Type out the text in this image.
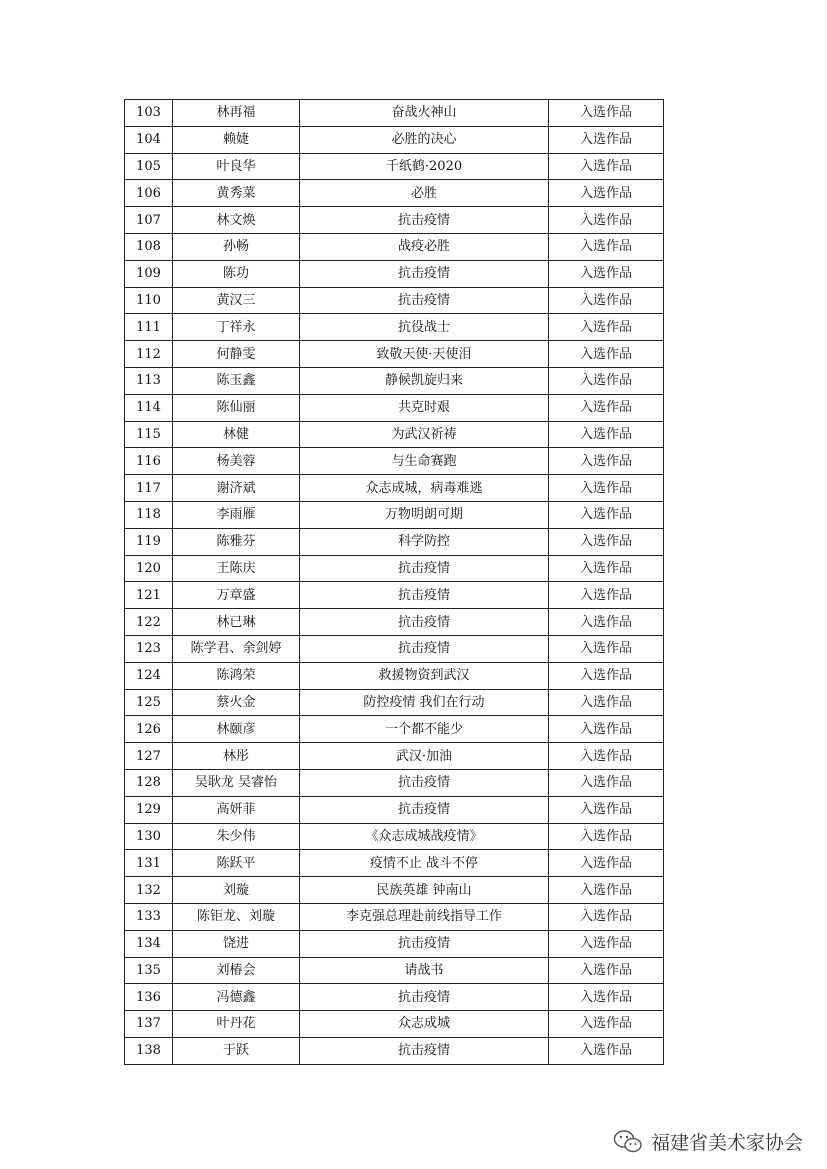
103	林再福	奋战火神山	入选作品
104	赖婕	必胜的决心	入选作品
105	叶良华	千纸鹤·2020	入选作品
106	黄秀菜	必胜	入选作品
107	林文焕	抗击疫情	入选作品
108	孙畅	战疫必胜	入选作品
109	陈功	抗击疫情	入选作品
110	黄汉三	抗击疫情	入选作品
111	丁祥永	抗役战士	入选作品
112	何静雯	致敬天使·天使泪	入选作品
113	陈玉鑫	静候凯旋归来	入选作品
114	陈仙丽	共克时艰	入选作品
115	林健	为武汉祈祷	入选作品
116	杨美蓉	与生命赛跑	入选作品
117	谢济斌	众志成城，病毒难逃	入选作品
118	李雨雁	万物明朗可期	入选作品
119	陈雅芬	科学防控	入选作品
120	王陈庆	抗击疫情	入选作品
121	万章盛	抗击疫情	入选作品
122	林已琳	抗击疫情	入选作品
123	陈学君、余剑婷	抗击疫情	入选作品
124	陈鸿荣	救援物资到武汉	入选作品
125	蔡火金	防控疫情 我们在行动	入选作品
126	林颐彦	一个都不能少	入选作品
127	林彤	武汉·加油	入选作品
128	吴耿龙 吴睿怡	抗击疫情	入选作品
129	高妍菲	抗击疫情	入选作品
130	朱少伟	《众志成城战疫情》	入选作品
131	陈跃平	疫情不止 战斗不停	入选作品
132	刘璇	民族英雄 钟南山	入选作品
133	陈钜龙、刘璇	李克强总理赴前线指导工作	入选作品
134	饶进	抗击疫情	入选作品
135	刘椿会	请战书	入选作品
136	冯德鑫	抗击疫情	入选作品
137	叶丹花	众志成城	入选作品
138	于跃	抗击疫情	入选作品
福建省美术家协会
